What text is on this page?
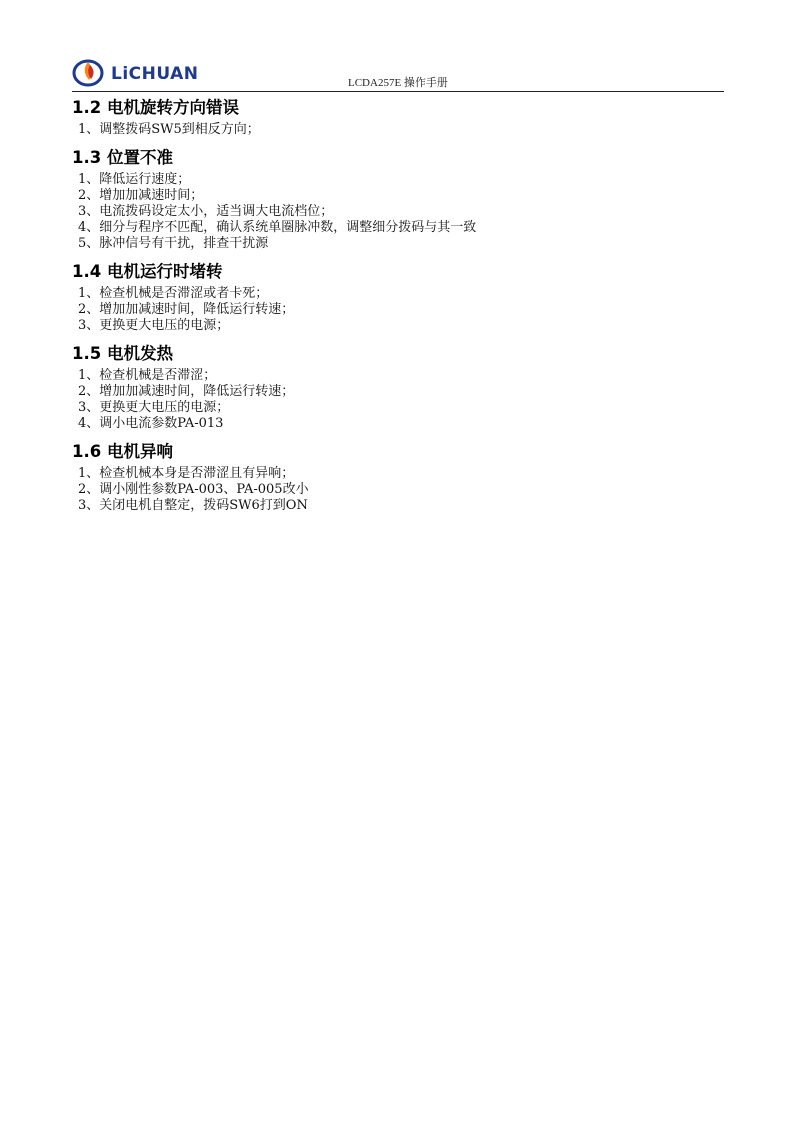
LiCHUAN	LCDA257E 操作手册
1.2 电机旋转方向错误
1、调整拨码SW5到相反方向；
1.3 位置不准
1、降低运行速度；
2、增加加减速时间；
3、电流拨码设定太小，适当调大电流档位；
4、细分与程序不匹配，确认系统单圈脉冲数，调整细分拨码与其一致
5、脉冲信号有干扰，排查干扰源
1.4 电机运行时堵转
1、检查机械是否滞涩或者卡死；
2、增加加减速时间，降低运行转速；
3、更换更大电压的电源；
1.5 电机发热
1、检查机械是否滞涩；
2、增加加减速时间，降低运行转速；
3、更换更大电压的电源；
4、调小电流参数PA-013
1.6 电机异响
1、检查机械本身是否滞涩且有异响；
2、调小刚性参数PA-003、PA-005改小
3、关闭电机自整定，拨码SW6打到ON
